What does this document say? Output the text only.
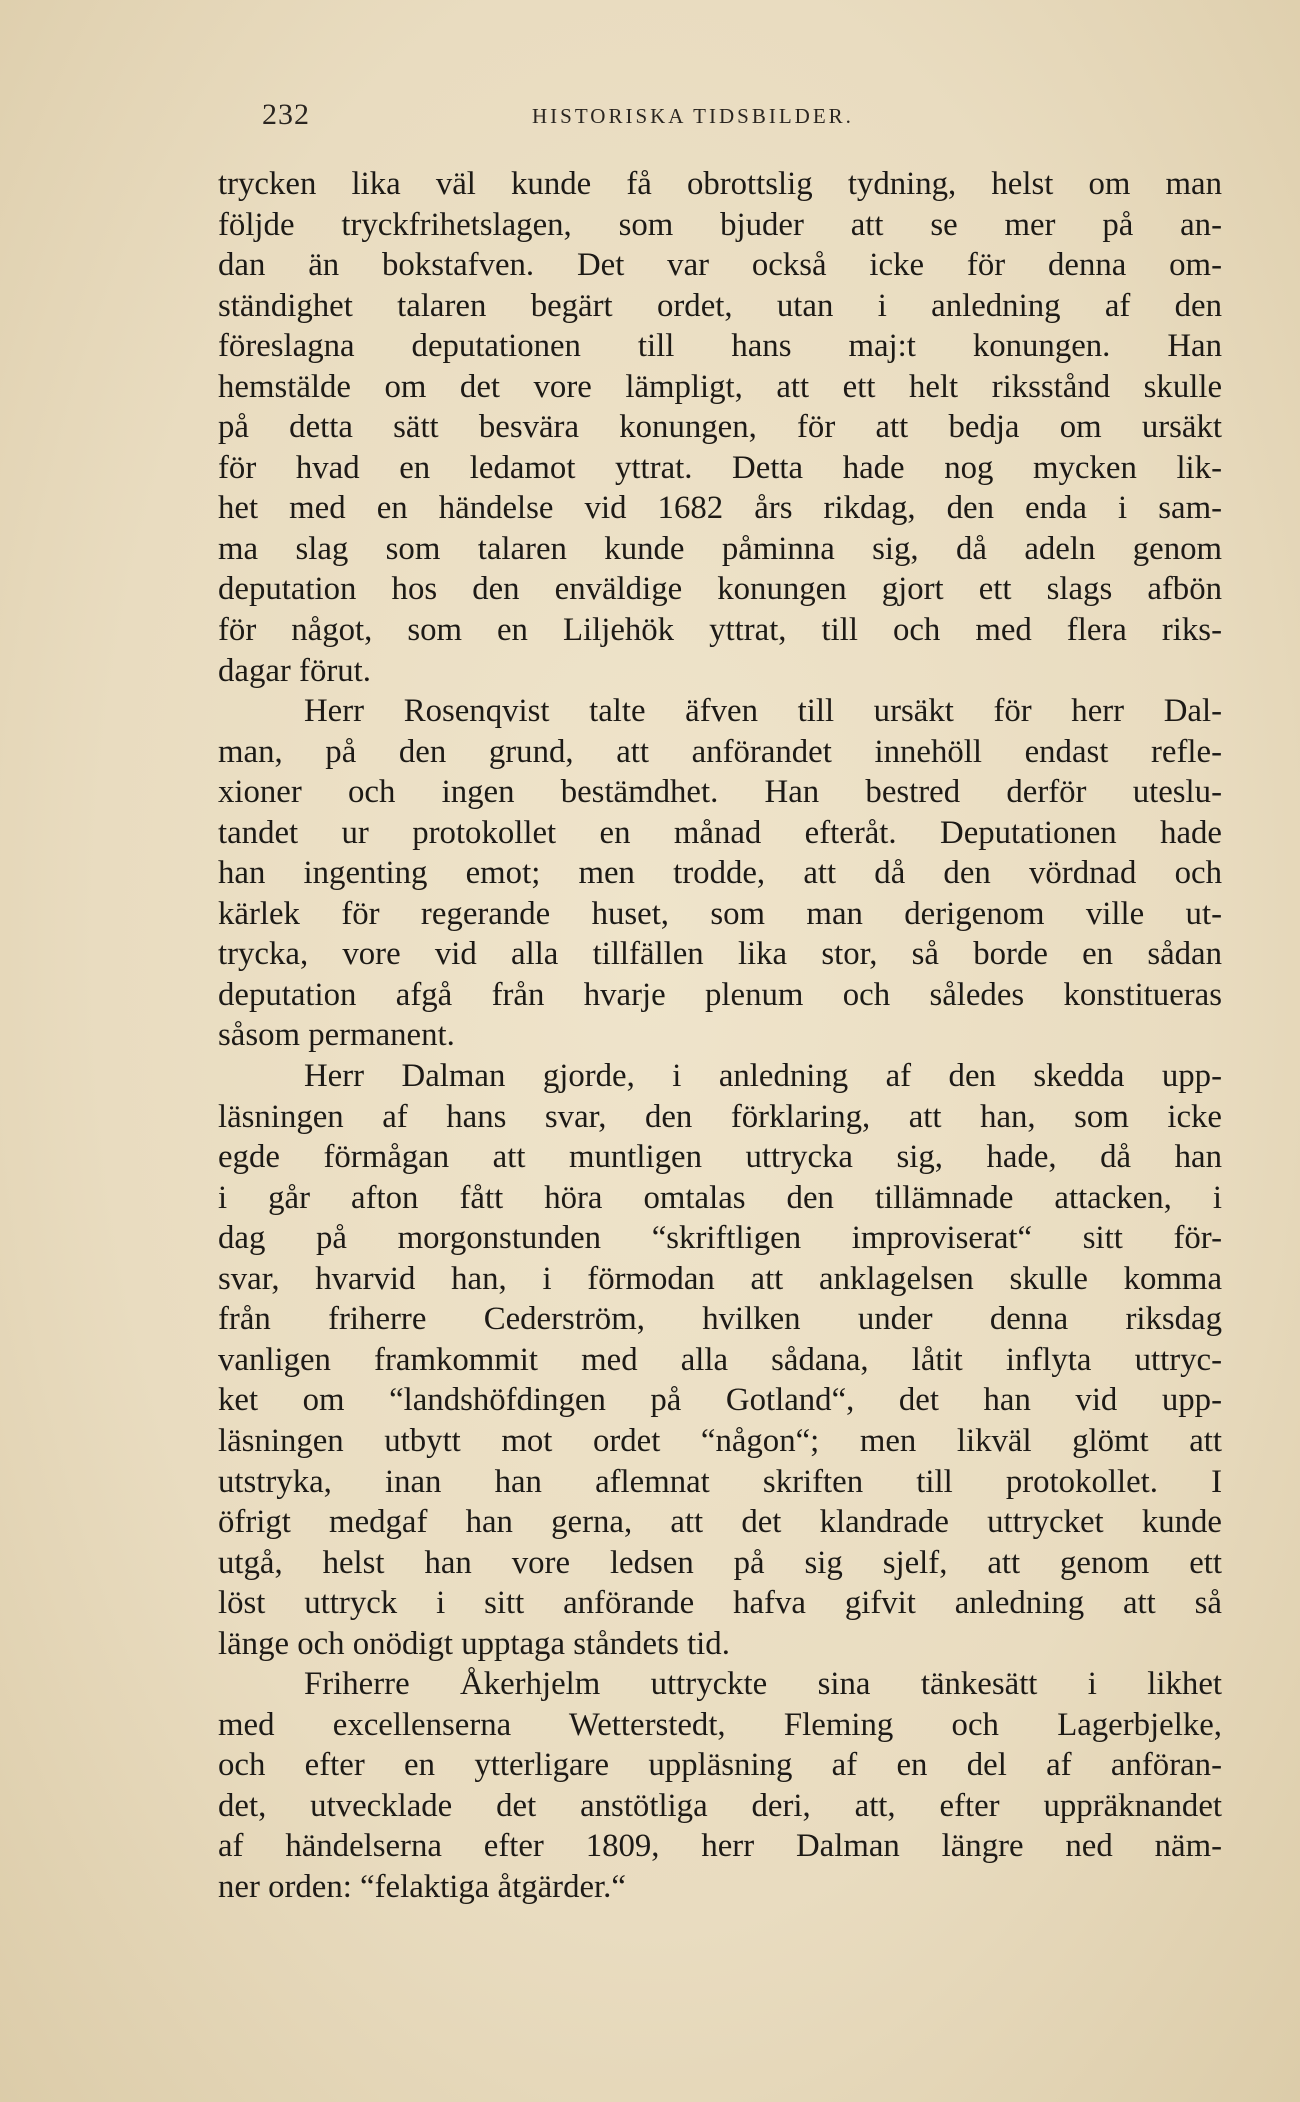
232	HISTORISKA TIDSBILDER.
trycken lika väl kunde få obrottslig tydning, helst om man
följde tryckfrihetslagen, som bjuder att se mer på an-
dan än bokstafven. Det var också icke för denna om-
ständighet talaren begärt ordet, utan i anledning af den
föreslagna deputationen till hans maj:t konungen. Han
hemstälde om det vore lämpligt, att ett helt riksstånd skulle
på detta sätt besvära konungen, för att bedja om ursäkt
för hvad en ledamot yttrat. Detta hade nog mycken lik-
het med en händelse vid 1682 års rikdag, den enda i sam-
ma slag som talaren kunde påminna sig, då adeln genom
deputation hos den enväldige konungen gjort ett slags afbön
för något, som en Liljehök yttrat, till och med flera riks-
dagar förut.
Herr Rosenqvist talte äfven till ursäkt för herr Dal-
man, på den grund, att anförandet innehöll endast refle-
xioner och ingen bestämdhet. Han bestred derför uteslu-
tandet ur protokollet en månad efteråt. Deputationen hade
han ingenting emot; men trodde, att då den vördnad och
kärlek för regerande huset, som man derigenom ville ut-
trycka, vore vid alla tillfällen lika stor, så borde en sådan
deputation afgå från hvarje plenum och således konstitueras
såsom permanent.
Herr Dalman gjorde, i anledning af den skedda upp-
läsningen af hans svar, den förklaring, att han, som icke
egde förmågan att muntligen uttrycka sig, hade, då han
i går afton fått höra omtalas den tillämnade attacken, i
dag på morgonstunden “skriftligen improviserat“ sitt för-
svar, hvarvid han, i förmodan att anklagelsen skulle komma
från friherre Cederström, hvilken under denna riksdag
vanligen framkommit med alla sådana, låtit inflyta uttryc-
ket om “landshöfdingen på Gotland“, det han vid upp-
läsningen utbytt mot ordet “någon“; men likväl glömt att
utstryka, inan han aflemnat skriften till protokollet. I
öfrigt medgaf han gerna, att det klandrade uttrycket kunde
utgå, helst han vore ledsen på sig sjelf, att genom ett
löst uttryck i sitt anförande hafva gifvit anledning att så
länge och onödigt upptaga ståndets tid.
Friherre Åkerhjelm uttryckte sina tänkesätt i likhet
med excellenserna Wetterstedt, Fleming och Lagerbjelke,
och efter en ytterligare uppläsning af en del af anföran-
det, utvecklade det anstötliga deri, att, efter uppräknandet
af händelserna efter 1809, herr Dalman längre ned näm-
ner orden: “felaktiga åtgärder.“
